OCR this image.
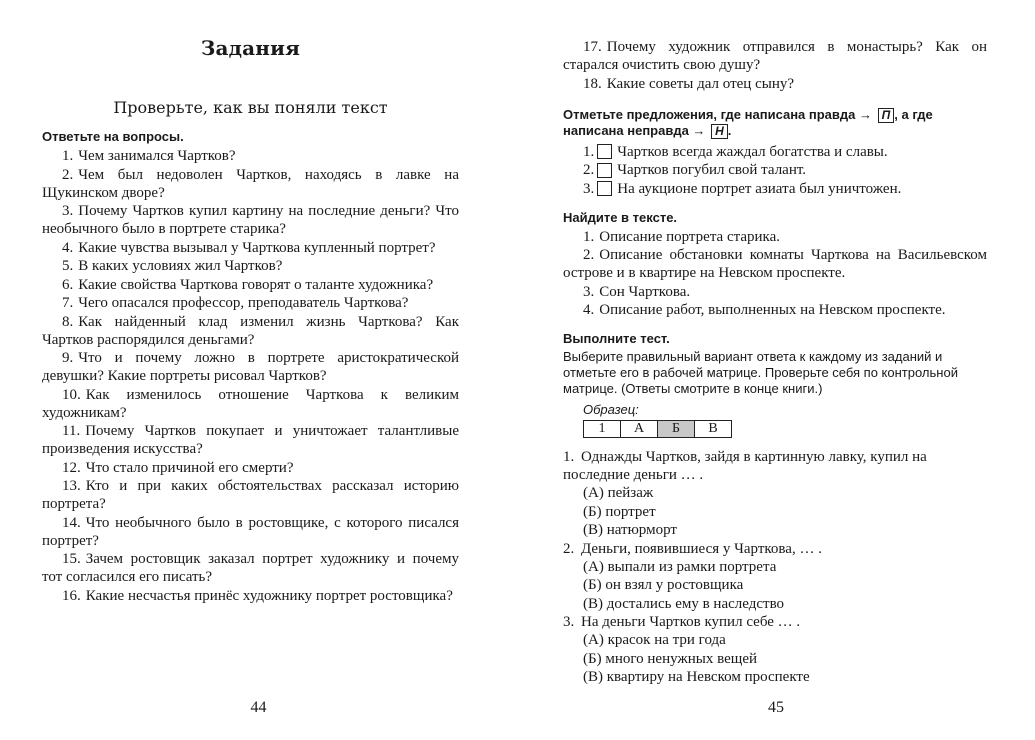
Задания
Проверьте, как вы поняли текст
Ответьте на вопросы.
1. Чем занимался Чартков?
2. Чем был недоволен Чартков, находясь в лавке на Щукинском дворе?
3. Почему Чартков купил картину на последние деньги? Что необычного было в портрете старика?
4. Какие чувства вызывал у Чарткова купленный портрет?
5. В каких условиях жил Чартков?
6. Какие свойства Чарткова говорят о таланте художника?
7. Чего опасался профессор, преподаватель Чарткова?
8. Как найденный клад изменил жизнь Чарткова? Как Чартков распорядился деньгами?
9. Что и почему ложно в портрете аристократической девушки? Какие портреты рисовал Чартков?
10. Как изменилось отношение Чарткова к великим художникам?
11. Почему Чартков покупает и уничтожает талантливые произведения искусства?
12. Что стало причиной его смерти?
13. Кто и при каких обстоятельствах рассказал историю портрета?
14. Что необычного было в ростовщике, с которого писался портрет?
15. Зачем ростовщик заказал портрет художнику и почему тот согласился его писать?
16. Какие несчастья принёс художнику портрет ростовщика?
44
17. Почему художник отправился в монастырь? Как он старался очистить свою душу?
18. Какие советы дал отец сыну?
Отметьте предложения, где написана правда → П , а где написана неправда → Н .
1. Чартков всегда жаждал богатства и славы.
2. Чартков погубил свой талант.
3. На аукционе портрет азиата был уничтожен.
Найдите в тексте.
1. Описание портрета старика.
2. Описание обстановки комнаты Чарткова на Васильевском острове и в квартире на Невском проспекте.
3. Сон Чарткова.
4. Описание работ, выполненных на Невском проспекте.
Выполните тест.
Выберите правильный вариант ответа к каждому из заданий и отметьте его в рабочей матрице. Проверьте себя по контрольной матрице. (Ответы смотрите в конце книги.)
Образец:
1	А	Б	В
1. Однажды Чартков, зайдя в картинную лавку, купил на последние деньги … .
(А) пейзаж
(Б) портрет
(В) натюрморт
2. Деньги, появившиеся у Чарткова, … .
(А) выпали из рамки портрета
(Б) он взял у ростовщика
(В) достались ему в наследство
3. На деньги Чартков купил себе … .
(А) красок на три года
(Б) много ненужных вещей
(В) квартиру на Невском проспекте
45
